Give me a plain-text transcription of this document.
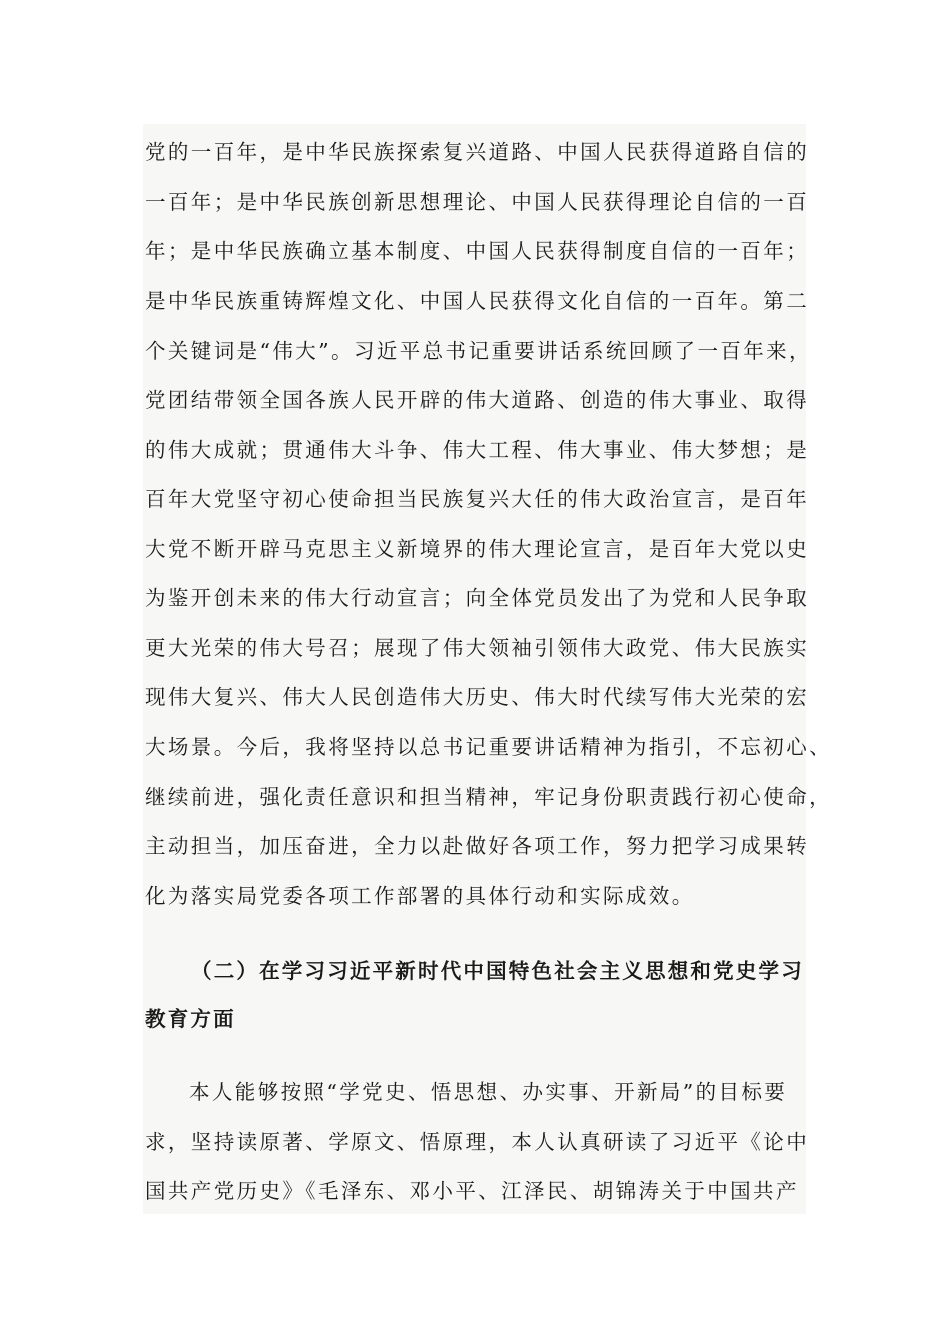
党的一百年，是中华民族探索复兴道路、中国人民获得道路自信的
一百年；是中华民族创新思想理论、中国人民获得理论自信的一百
年；是中华民族确立基本制度、中国人民获得制度自信的一百年；
是中华民族重铸辉煌文化、中国人民获得文化自信的一百年。第二
个关键词是“伟大”。习近平总书记重要讲话系统回顾了一百年来，
党团结带领全国各族人民开辟的伟大道路、创造的伟大事业、取得
的伟大成就；贯通伟大斗争、伟大工程、伟大事业、伟大梦想；是
百年大党坚守初心使命担当民族复兴大任的伟大政治宣言，是百年
大党不断开辟马克思主义新境界的伟大理论宣言，是百年大党以史
为鉴开创未来的伟大行动宣言；向全体党员发出了为党和人民争取
更大光荣的伟大号召；展现了伟大领袖引领伟大政党、伟大民族实
现伟大复兴、伟大人民创造伟大历史、伟大时代续写伟大光荣的宏
大场景。今后，我将坚持以总书记重要讲话精神为指引，不忘初心、
继续前进，强化责任意识和担当精神，牢记身份职责践行初心使命，
主动担当，加压奋进，全力以赴做好各项工作，努力把学习成果转
化为落实局党委各项工作部署的具体行动和实际成效。
（二）在学习习近平新时代中国特色社会主义思想和党史学习
教育方面
本人能够按照“学党史、悟思想、办实事、开新局”的目标要
求，坚持读原著、学原文、悟原理，本人认真研读了习近平《论中
国共产党历史》《毛泽东、邓小平、江泽民、胡锦涛关于中国共产
